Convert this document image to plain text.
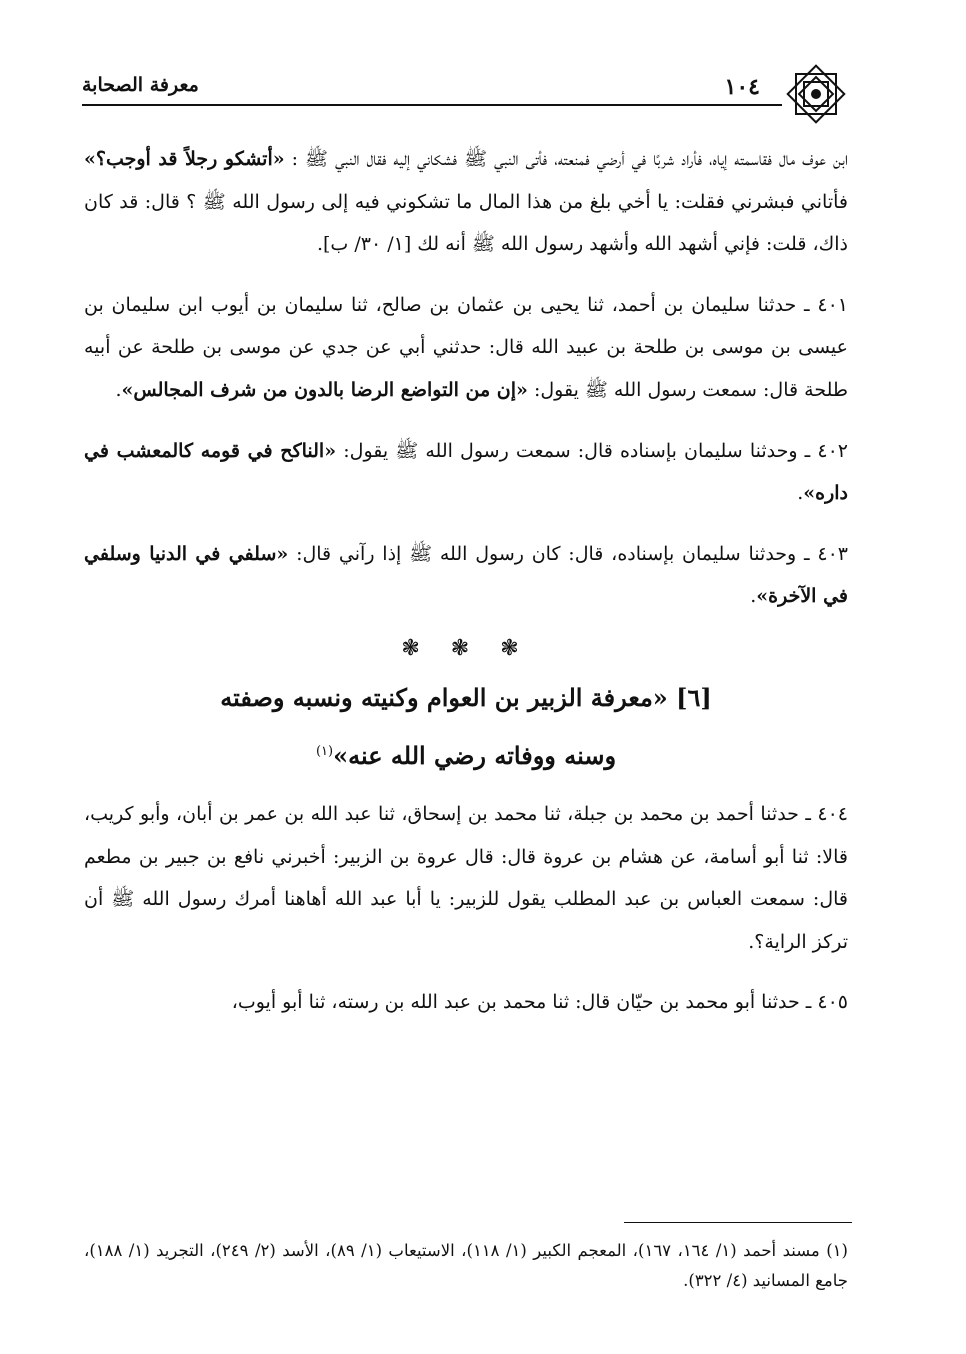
١٠٤
معرفة الصحابة

ابن عوف مال فقاسمته إياه، فأراد شربًا في أرضي فمنعته، فأتى النبي ﷺ فشكاني إليه فقال النبي ﷺ : «أتشكو رجلاً قد أوجب؟» فأتاني فبشرني فقلت: يا أخي بلغ من هذا المال ما تشكوني فيه إلى رسول الله ﷺ ؟ قال: قد كان ذاك، قلت: فإني أشهد الله وأشهد رسول الله ﷺ أنه لك [١/ ٣٠/ ب].

٤٠١ ـ حدثنا سليمان بن أحمد، ثنا يحيى بن عثمان بن صالح، ثنا سليمان بن أيوب ابن سليمان بن عيسى بن موسى بن طلحة بن عبيد الله قال: حدثني أبي عن جدي عن موسى بن طلحة عن أبيه طلحة قال: سمعت رسول الله ﷺ يقول: «إن من التواضع الرضا بالدون من شرف المجالس».

٤٠٢ ـ وحدثنا سليمان بإسناده قال: سمعت رسول الله ﷺ يقول: «الناكح في قومه كالمعشب في داره».

٤٠٣ ـ وحدثنا سليمان بإسناده، قال: كان رسول الله ﷺ إذا رآني قال: «سلفي في الدنيا وسلفي في الآخرة».

❃ ❃ ❃
[٦] «معرفة الزبير بن العوام وكنيته ونسبه وصفته
وسنه ووفاته رضي الله عنه»$^{(١)}$

٤٠٤ ـ حدثنا أحمد بن محمد بن جبلة، ثنا محمد بن إسحاق، ثنا عبد الله بن عمر بن أبان، وأبو كريب، قالا: ثنا أبو أسامة، عن هشام بن عروة قال: قال عروة بن الزبير: أخبرني نافع بن جبير بن مطعم قال: سمعت العباس بن عبد المطلب يقول للزبير: يا أبا عبد الله أهاهنا أمرك رسول الله ﷺ أن تركز الراية؟.

٤٠٥ ـ حدثنا أبو محمد بن حيّان قال: ثنا محمد بن عبد الله بن رسته، ثنا أبو أيوب،

(١) مسند أحمد (١/ ١٦٤، ١٦٧)، المعجم الكبير (١/ ١١٨)، الاستيعاب (١/ ٨٩)، الأسد (٢/ ٢٤٩)، التجريد (١/ ١٨٨)، جامع المسانيد (٤/ ٣٢٢).
